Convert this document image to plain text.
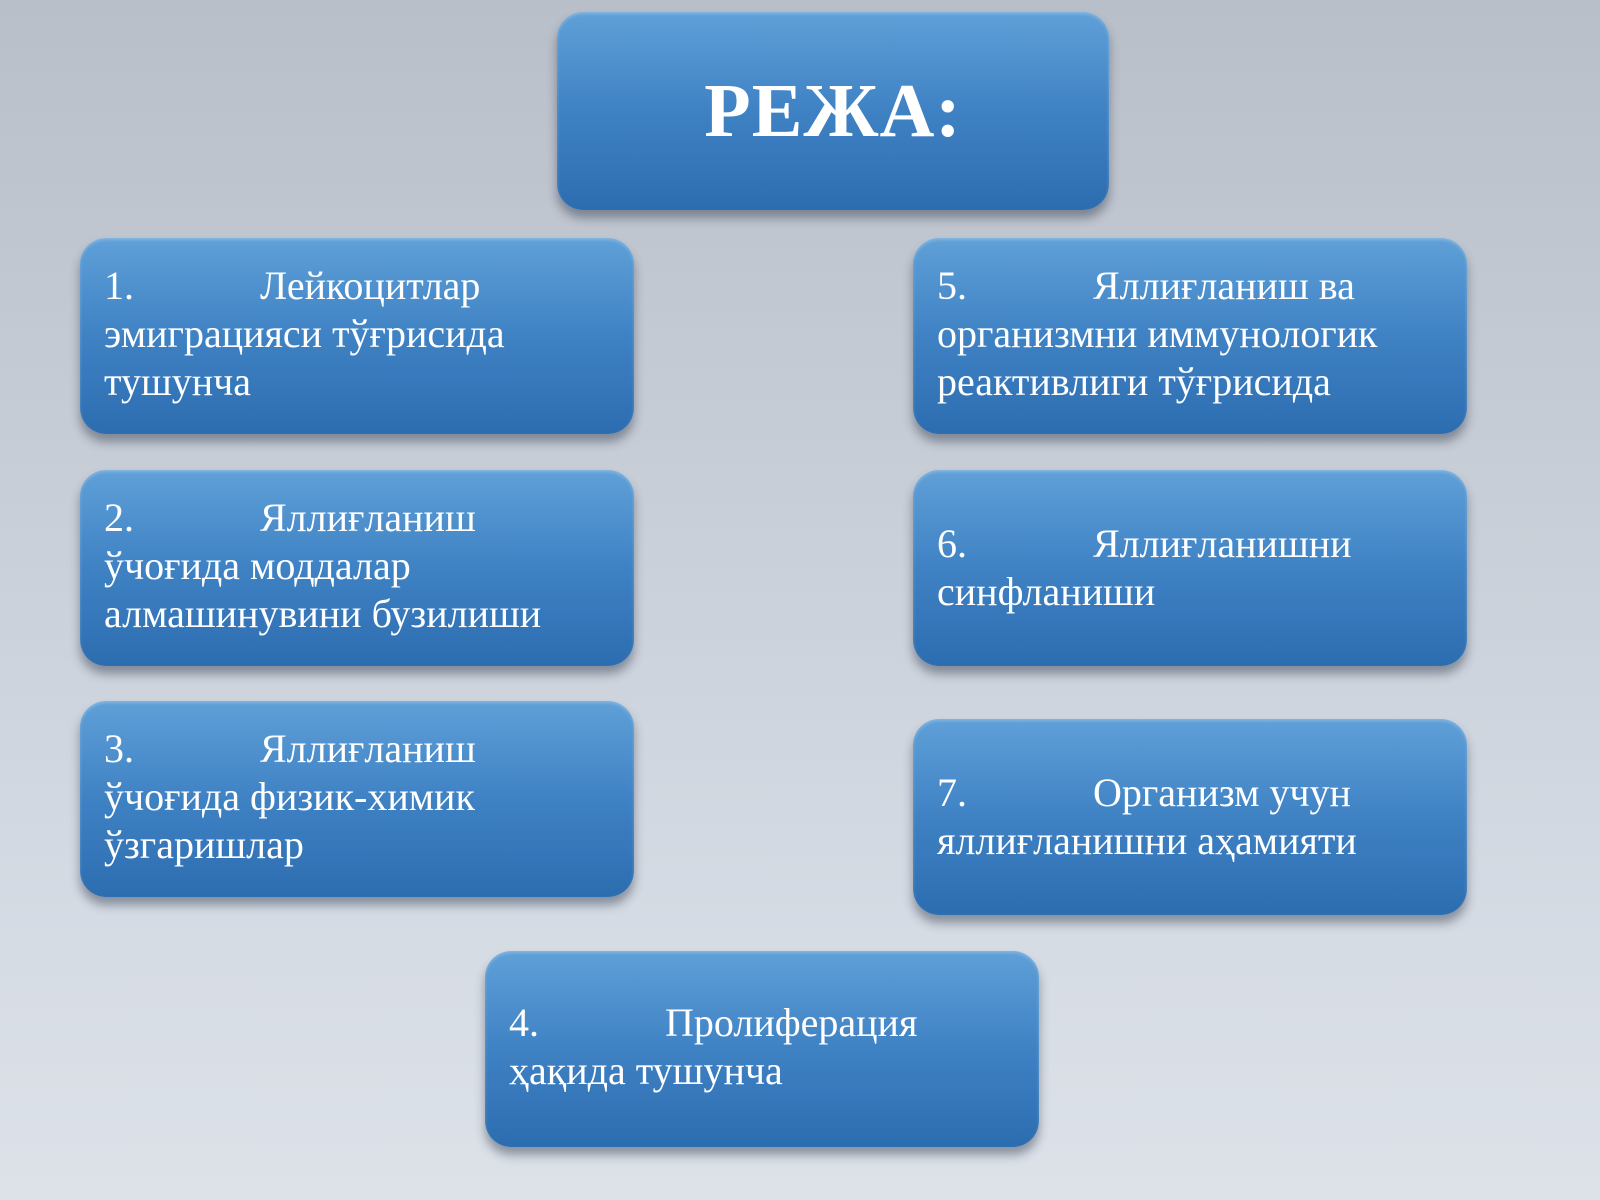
РЕЖА:
1.	Лейкоцитлар эмиграцияси тўғрисида тушунча
2.	Яллиғланиш ўчоғида моддалар алмашинувини бузилиши
3.	Яллиғланиш ўчоғида физик-химик ўзгаришлар
4.	Пролиферация ҳақида тушунча
5.	Яллиғланиш ва организмни иммунологик реактивлиги тўғрисида
6.	Яллиғланишни синфланиши
7.	Организм учун яллиғланишни аҳамияти
